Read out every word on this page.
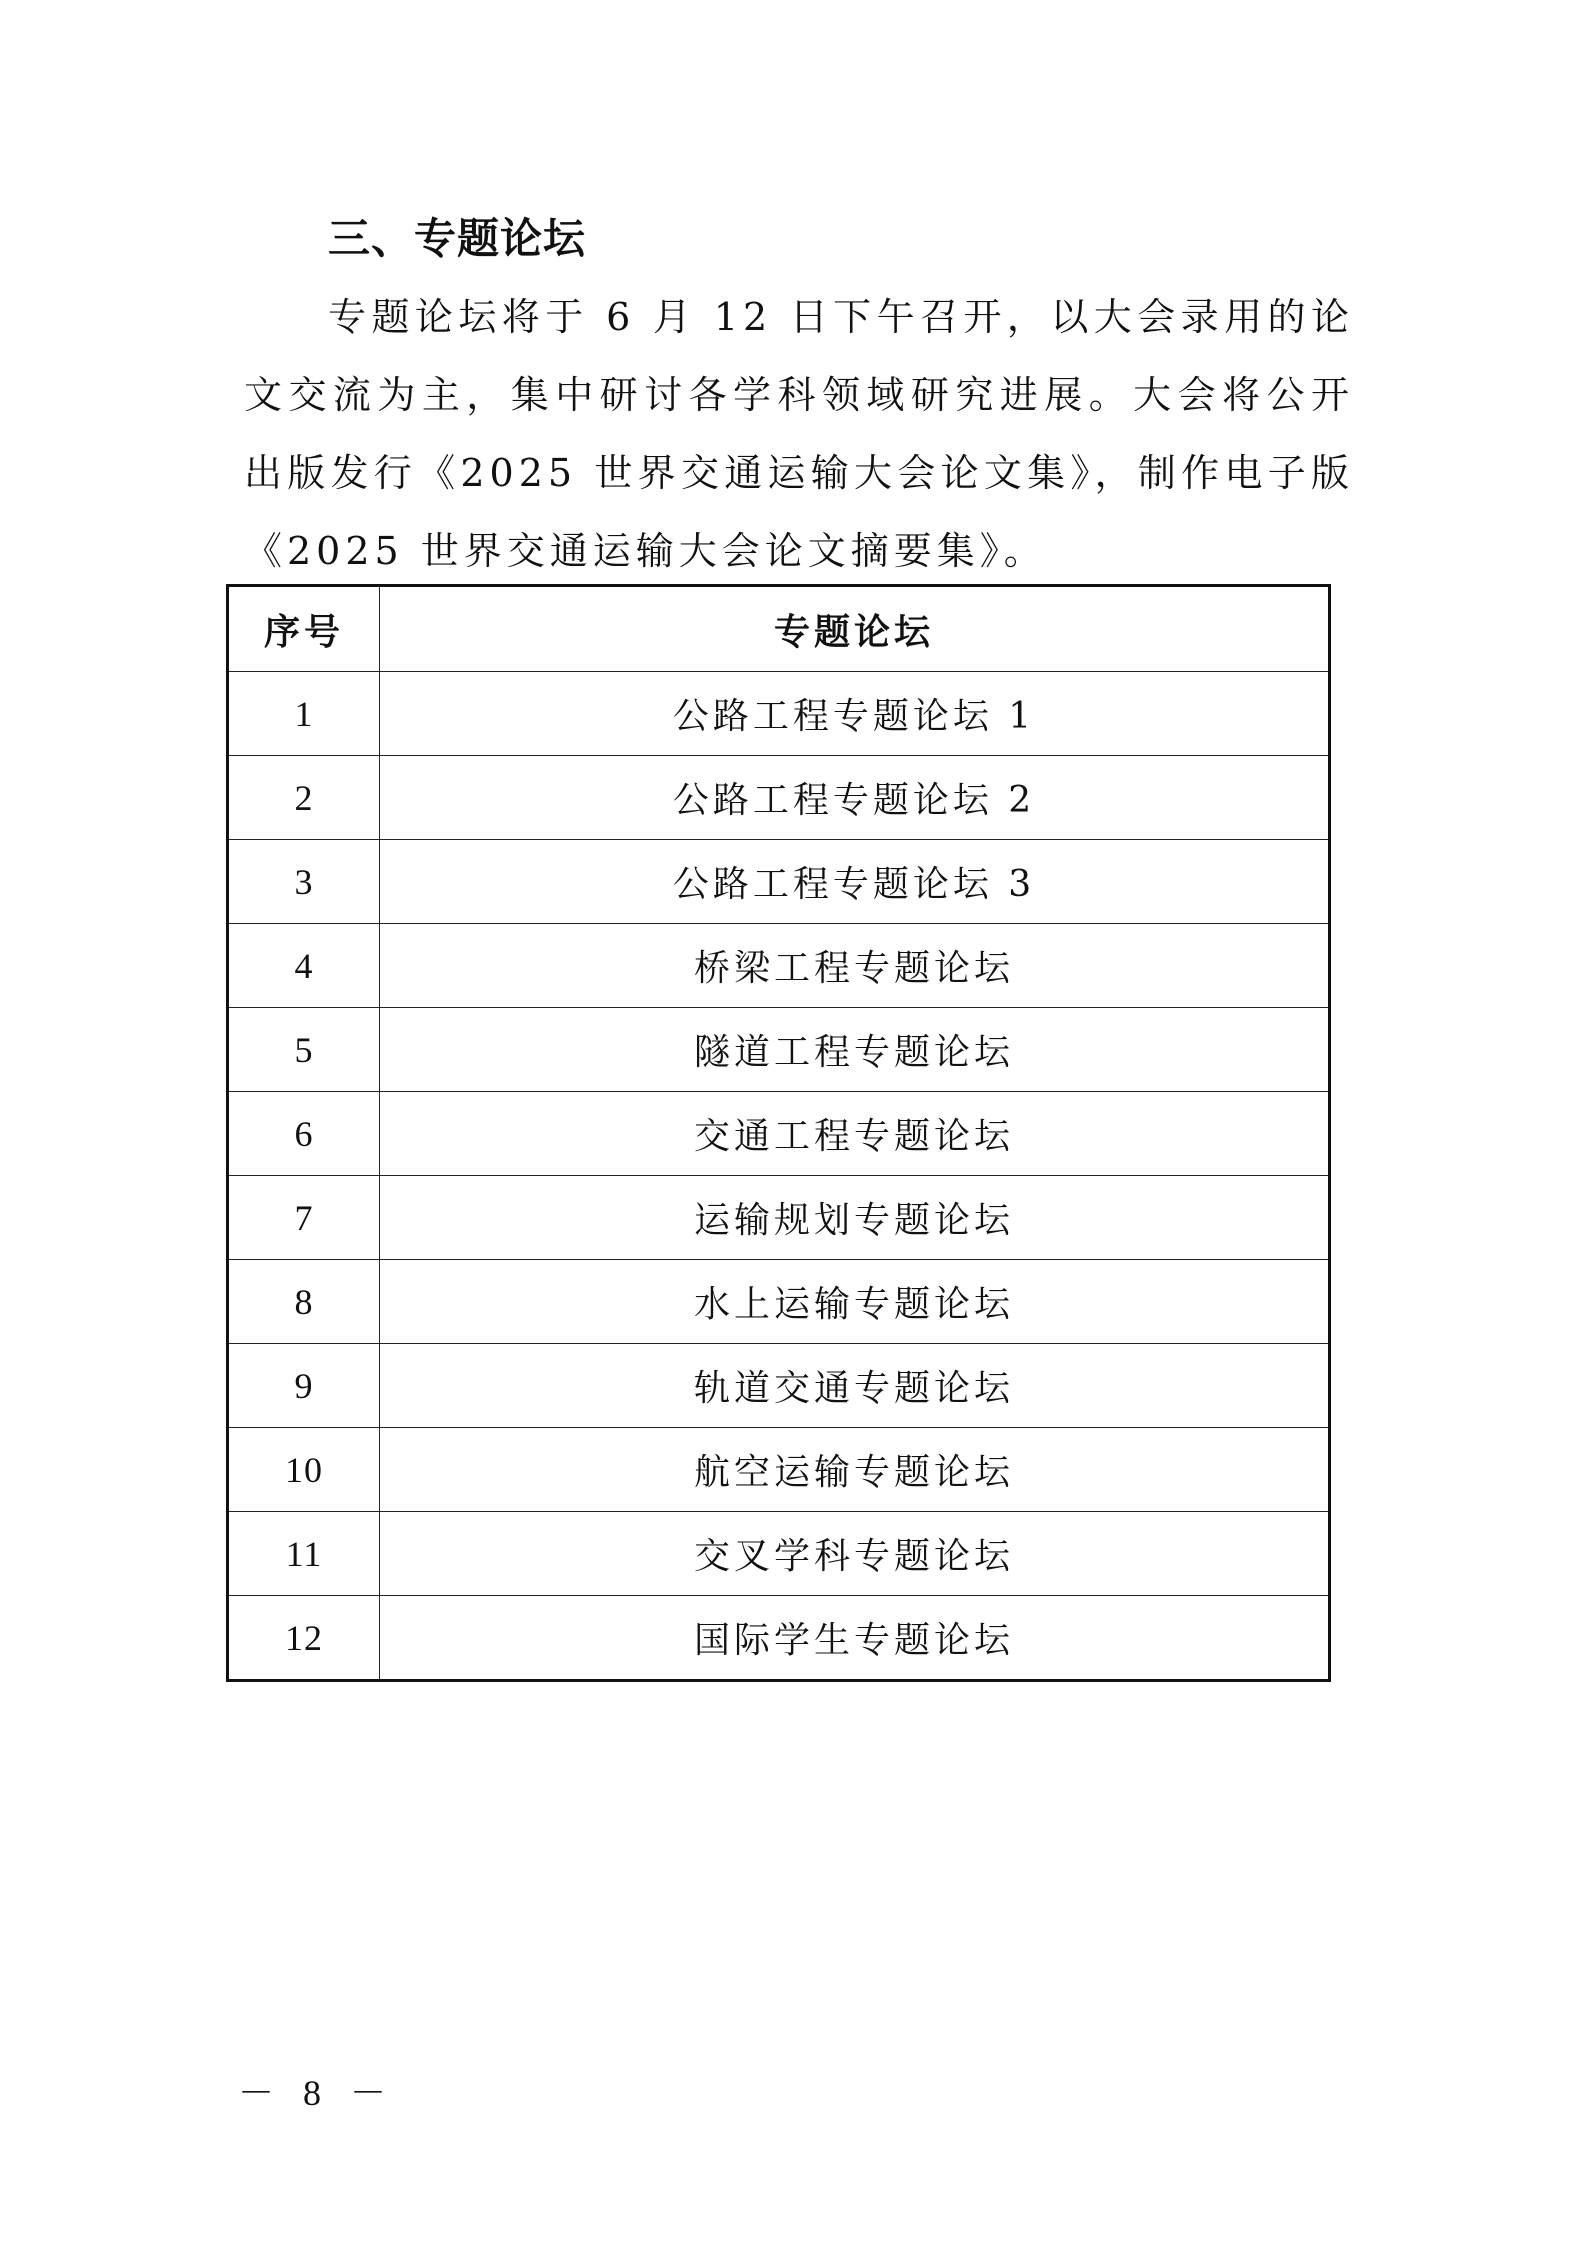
三、专题论坛

专题论坛将于 6 月 12 日下午召开，以大会录用的论文交流为主，集中研讨各学科领域研究进展。大会将公开出版发行《2025 世界交通运输大会论文集》，制作电子版《2025 世界交通运输大会论文摘要集》。

序号	专题论坛
1	公路工程专题论坛 1
2	公路工程专题论坛 2
3	公路工程专题论坛 3
4	桥梁工程专题论坛
5	隧道工程专题论坛
6	交通工程专题论坛
7	运输规划专题论坛
8	水上运输专题论坛
9	轨道交通专题论坛
10	航空运输专题论坛
11	交叉学科专题论坛
12	国际学生专题论坛
－ 8 －
